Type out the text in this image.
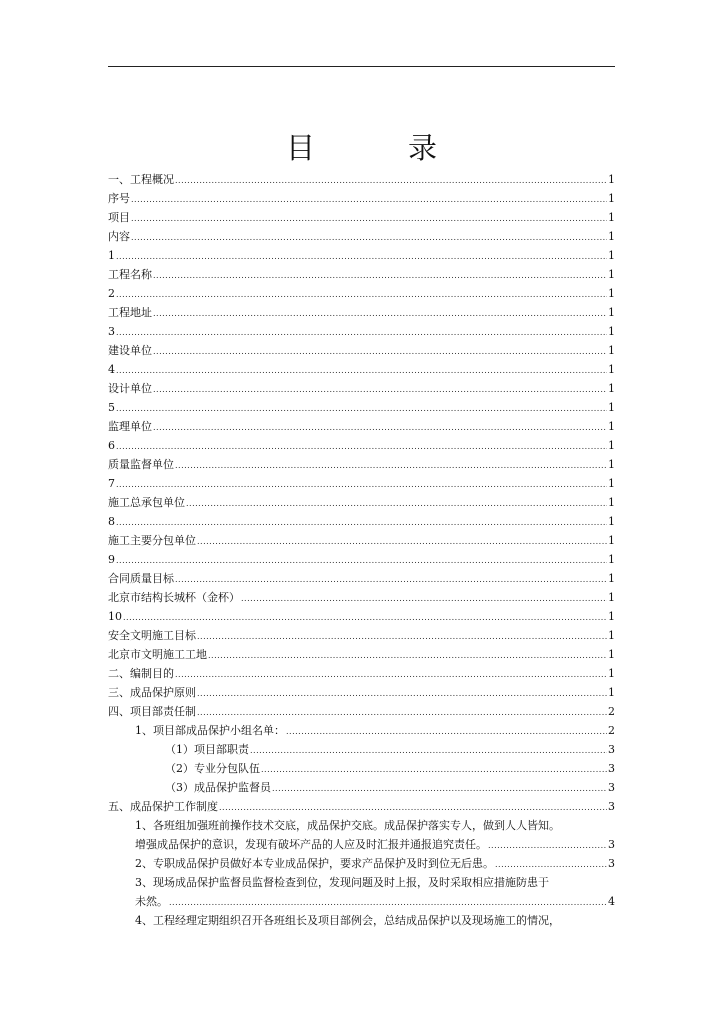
目　录
一、工程概况 .....	1
序号 .....	1
项目 .....	1
内容 .....	1
1 .....	1
工程名称 .....	1
2 .....	1
工程地址 .....	1
3 .....	1
建设单位 .....	1
4 .....	1
设计单位 .....	1
5 .....	1
监理单位 .....	1
6 .....	1
质量监督单位 .....	1
7 .....	1
施工总承包单位 .....	1
8 .....	1
施工主要分包单位 .....	1
9 .....	1
合同质量目标 .....	1
北京市结构长城杯（金杯） .....	1
10 .....	1
安全文明施工目标 .....	1
北京市文明施工工地 .....	1
二、编制目的 .....	1
三、成品保护原则 .....	1
四、项目部责任制 .....	2
1、项目部成品保护小组名单： .....	2
（1）项目部职责 .....	3
（2）专业分包队伍 .....	3
（3）成品保护监督员 .....	3
五、成品保护工作制度 .....	3
1、各班组加强班前操作技术交底，成品保护交底。成品保护落实专人，做到人人皆知。
增强成品保护的意识，发现有破坏产品的人应及时汇报并通报追究责任。 .....	3
2、专职成品保护员做好本专业成品保护，要求产品保护及时到位无后患。 .....	3
3、现场成品保护监督员监督检查到位，发现问题及时上报，及时采取相应措施防患于
未然。 .....	4
4、工程经理定期组织召开各班组长及项目部例会，总结成品保护以及现场施工的情况，
